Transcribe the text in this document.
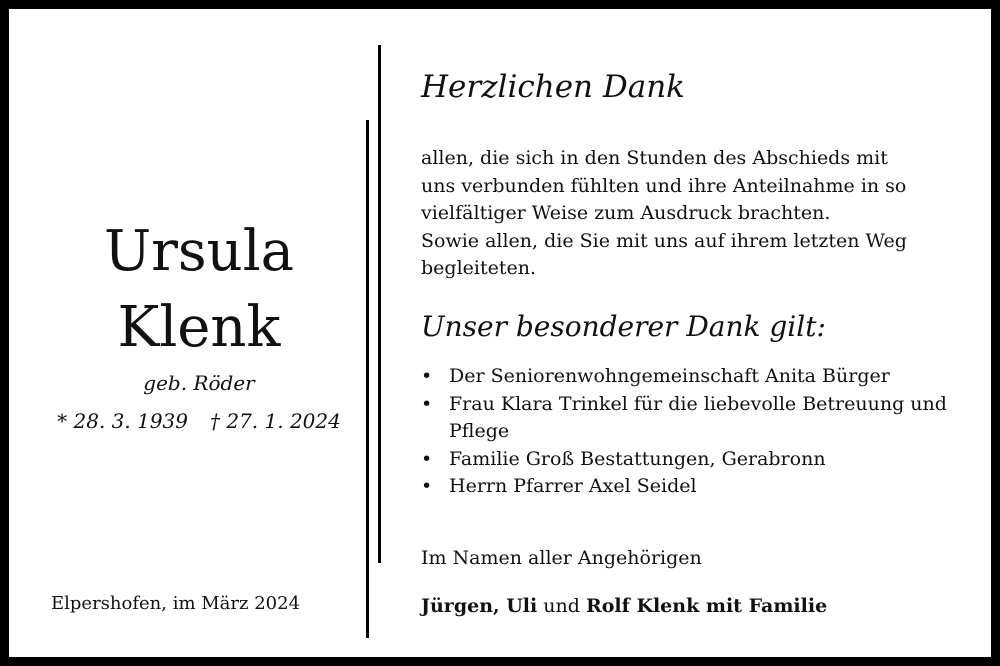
Ursula
Klenk
geb. Röder
* 28. 3. 1939 † 27. 1. 2024
Elpershofen, im März 2024
Herzlichen Dank
allen, die sich in den Stunden des Abschieds mit
uns verbunden fühlten und ihre Anteilnahme in so
vielfältiger Weise zum Ausdruck brachten.
Sowie allen, die Sie mit uns auf ihrem letzten Weg
begleiteten.
Unser besonderer Dank gilt:
• Der Seniorenwohngemeinschaft Anita Bürger
• Frau Klara Trinkel für die liebevolle Betreuung und
Pflege
• Familie Groß Bestattungen, Gerabronn
• Herrn Pfarrer Axel Seidel
Im Namen aller Angehörigen
Jürgen, Uli und Rolf Klenk mit Familie
